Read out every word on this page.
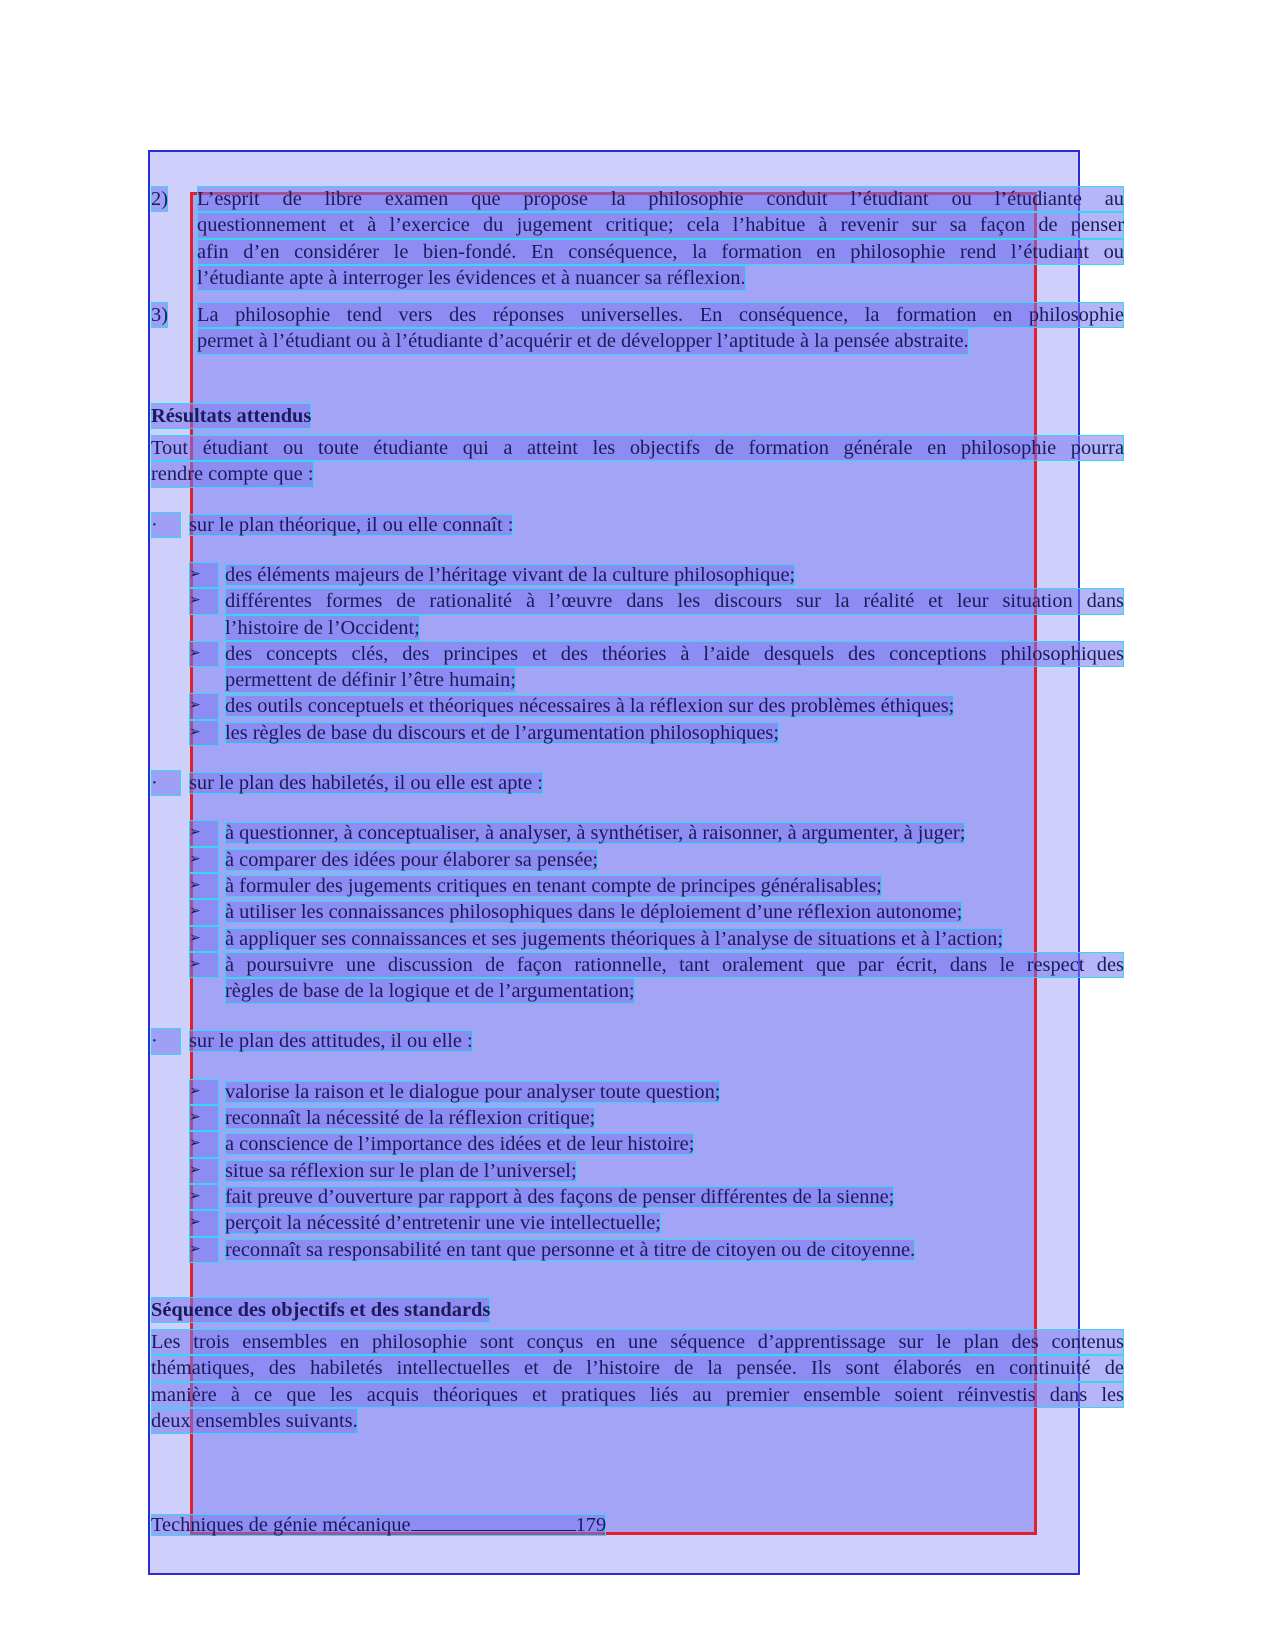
2) L’esprit de libre examen que propose la philosophie conduit l’étudiant ou l’étudiante au
questionnement et à l’exercice du jugement critique; cela l’habitue à revenir sur sa façon de penser
afin d’en considérer le bien-fondé. En conséquence, la formation en philosophie rend l’étudiant ou
l’étudiante apte à interroger les évidences et à nuancer sa réflexion.
3) La philosophie tend vers des réponses universelles. En conséquence, la formation en philosophie
permet à l’étudiant ou à l’étudiante d’acquérir et de développer l’aptitude à la pensée abstraite.
Résultats attendus
Tout étudiant ou toute étudiante qui a atteint les objectifs de formation générale en philosophie pourra
rendre compte que :
·	sur le plan théorique, il ou elle connaît :
➢	des éléments majeurs de l’héritage vivant de la culture philosophique;
➢	différentes formes de rationalité à l’œuvre dans les discours sur la réalité et leur situation dans
l’histoire de l’Occident;
➢	des concepts clés, des principes et des théories à l’aide desquels des conceptions philosophiques
permettent de définir l’être humain;
➢	des outils conceptuels et théoriques nécessaires à la réflexion sur des problèmes éthiques;
➢	les règles de base du discours et de l’argumentation philosophiques;
·	sur le plan des habiletés, il ou elle est apte :
➢	à questionner, à conceptualiser, à analyser, à synthétiser, à raisonner, à argumenter, à juger;
➢	à comparer des idées pour élaborer sa pensée;
➢	à formuler des jugements critiques en tenant compte de principes généralisables;
➢	à utiliser les connaissances philosophiques dans le déploiement d’une réflexion autonome;
➢	à appliquer ses connaissances et ses jugements théoriques à l’analyse de situations et à l’action;
➢	à poursuivre une discussion de façon rationnelle, tant oralement que par écrit, dans le respect des
règles de base de la logique et de l’argumentation;
·	sur le plan des attitudes, il ou elle :
➢	valorise la raison et le dialogue pour analyser toute question;
➢	reconnaît la nécessité de la réflexion critique;
➢	a conscience de l’importance des idées et de leur histoire;
➢	situe sa réflexion sur le plan de l’universel;
➢	fait preuve d’ouverture par rapport à des façons de penser différentes de la sienne;
➢	perçoit la nécessité d’entretenir une vie intellectuelle;
➢	reconnaît sa responsabilité en tant que personne et à titre de citoyen ou de citoyenne.
Séquence des objectifs et des standards
Les trois ensembles en philosophie sont conçus en une séquence d’apprentissage sur le plan des contenus
thématiques, des habiletés intellectuelles et de l’histoire de la pensée. Ils sont élaborés en continuité de
manière à ce que les acquis théoriques et pratiques liés au premier ensemble soient réinvestis dans les
deux ensembles suivants.
Techniques de génie mécanique	179
